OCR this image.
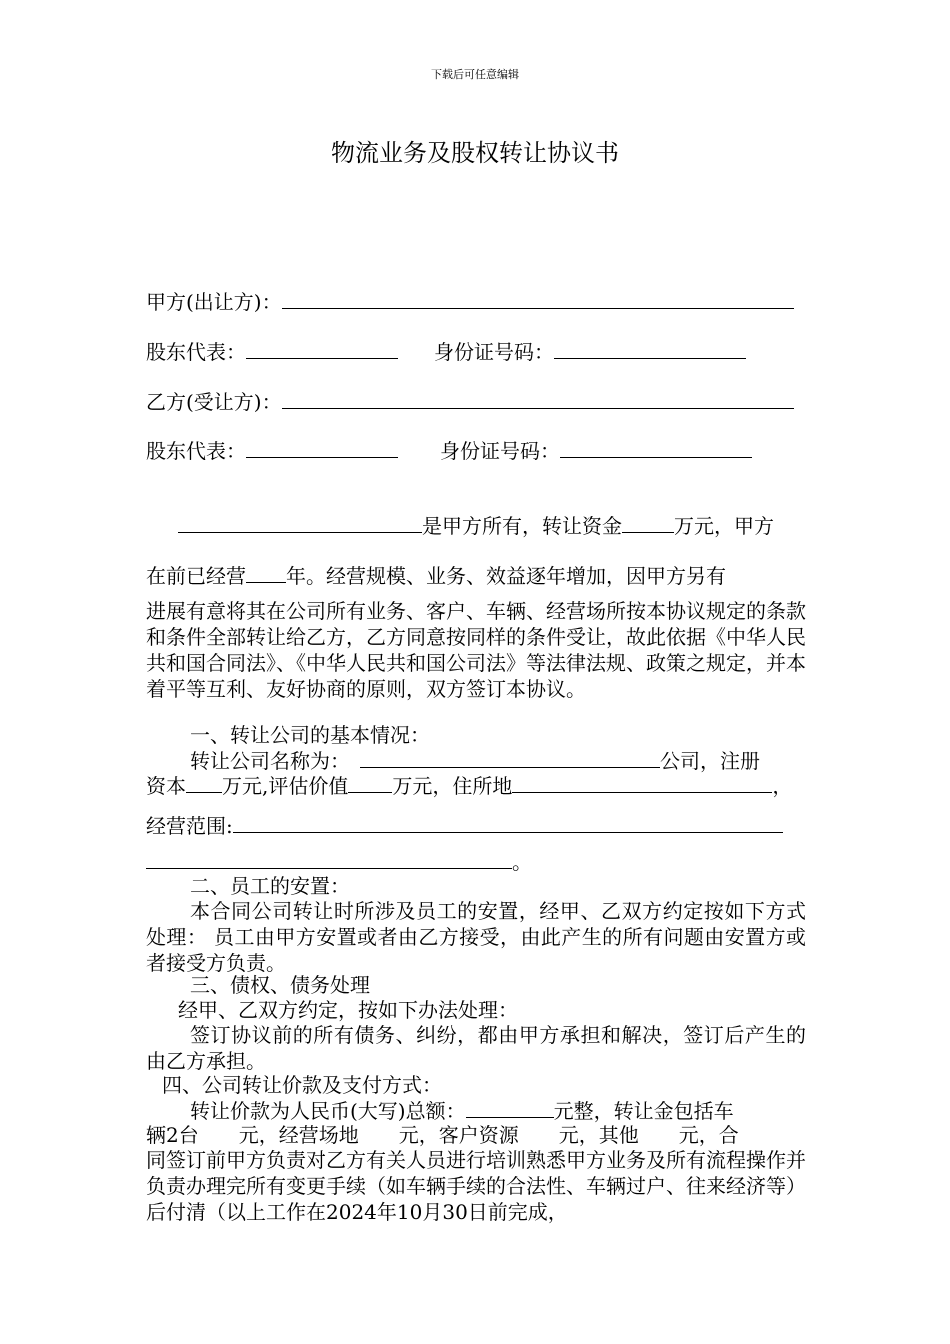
下载后可任意编辑
物流业务及股权转让协议书
甲方(出让方)：
股东代表：	身份证号码：
乙方(受让方)：
股东代表：	身份证号码：
是甲方所有，转让资金	万元，甲方
在前已经营 年。经营规模、业务、效益逐年增加，因甲方另有
进展有意将其在公司所有业务、客户、车辆、经营场所按本协议规定的条款和条件全部转让给乙方，乙方同意按同样的条件受让，故此依据《中华人民共和国合同法》、《中华人民共和国公司法》等法律法规、政策之规定，并本着平等互利、友好协商的原则，双方签订本协议。
一、转让公司的基本情况：
转让公司名称为：	公司，注册
资本 万元,评估价值 万元，住所地	，
经营范围:
。
二、员工的安置：
本合同公司转让时所涉及员工的安置，经甲、乙双方约定按如下方式处理： 员工由甲方安置或者由乙方接受，由此产生的所有问题由安置方或者接受方负责。
三、债权、债务处理
经甲、乙双方约定，按如下办法处理：
签订协议前的所有债务、纠纷，都由甲方承担和解决，签订后产生的由乙方承担。
四、公司转让价款及支付方式：
转让价款为人民币(大写)总额：	元整，转让金包括车
辆2台　　元，经营场地　　元，客户资源　　元，其他　　元，合
同签订前甲方负责对乙方有关人员进行培训熟悉甲方业务及所有流程操作并负责办理完所有变更手续（如车辆手续的合法性、车辆过户、往来经济等）后付清（以上工作在2024年10月30日前完成，
